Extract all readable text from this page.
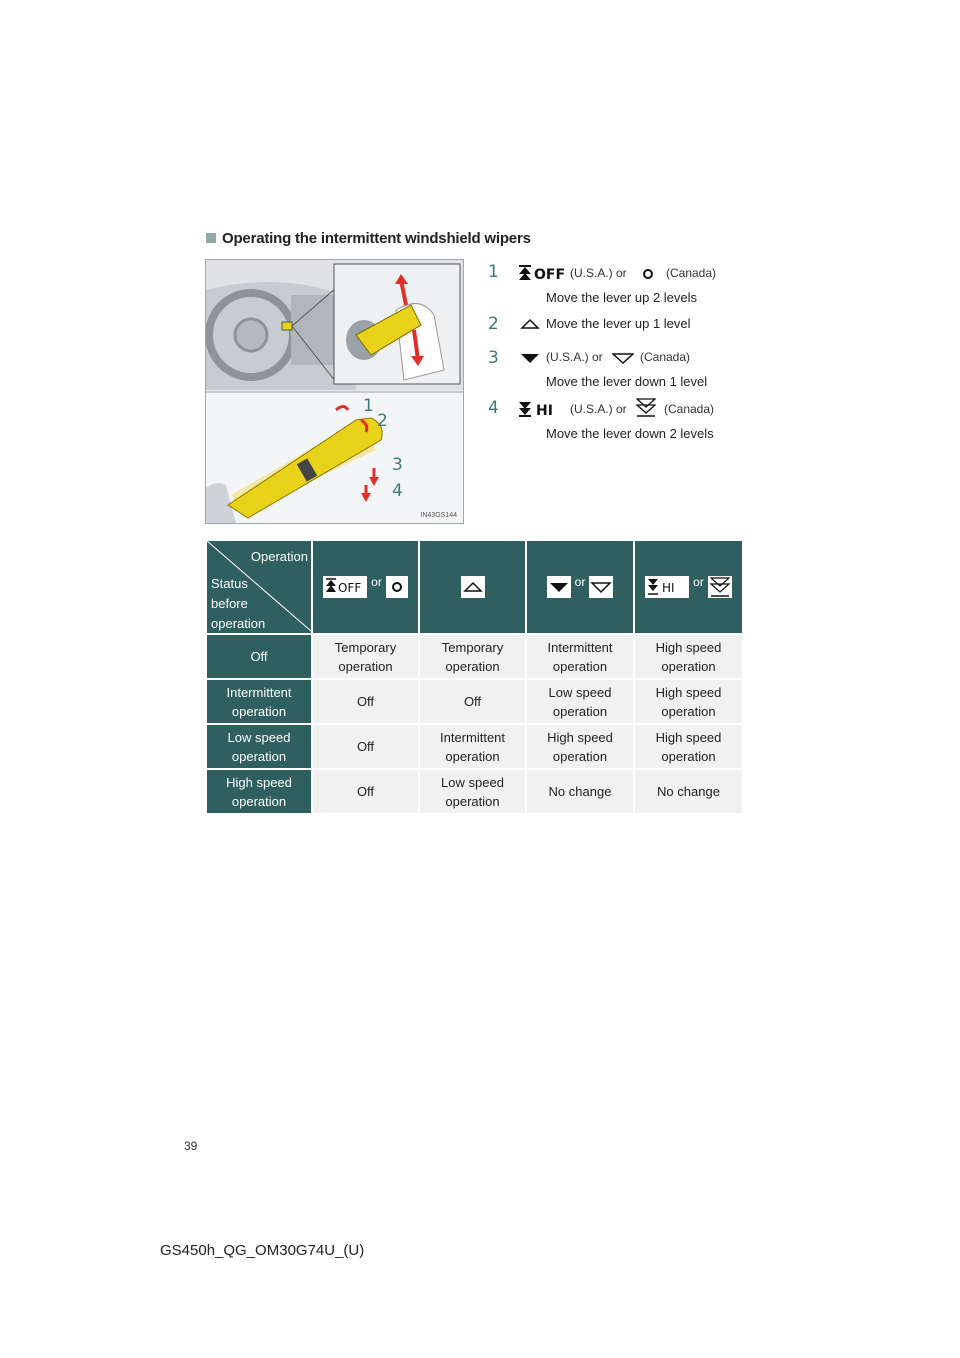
Operating the intermittent windshield wipers
1
2
3
4
IN43GS144
1	OFF (U.S.A.) or	(Canada)
Move the lever up 2 levels
2	Move the lever up 1 level
3	(U.S.A.) or	(Canada)
Move the lever down 1 level
4	HI (U.S.A.) or	(Canada)
Move the lever down 2 levels
Operation
Status
before
operation	OFF or		or	HI or
Off	Temporary operation	Temporary operation	Intermittent operation	High speed operation
Intermittent operation	Off	Off	Low speed operation	High speed operation
Low speed operation	Off	Intermittent operation	High speed operation	High speed operation
High speed operation	Off	Low speed operation	No change	No change
39
GS450h_QG_OM30G74U_(U)
